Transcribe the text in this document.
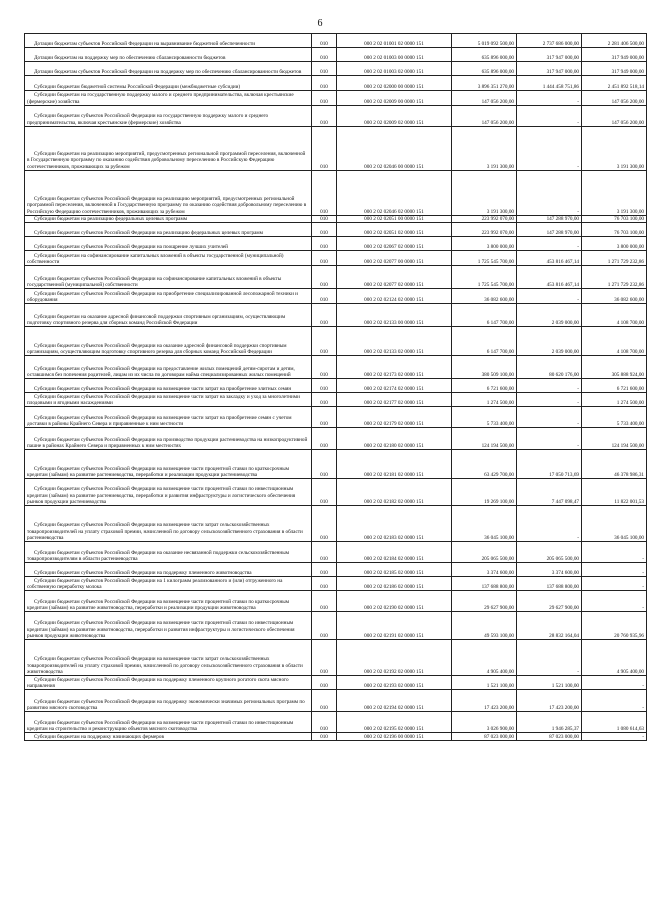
6
Дотации бюджетам субъектов Российской Федерации на выравнивание бюджетной обеспеченности	010	000 2 02 01001 02 0000 151	5 019 092 500,00	2 737 686 000,00	2 281 406 500,00
Дотации бюджетам на поддержку мер по обеспечению сбалансированности бюджетов	010	000 2 02 01003 00 0000 151	635 896 000,00	317 947 000,00	317 949 000,00
Дотации бюджетам субъектов Российской Федерации на поддержку мер по обеспечению сбалансированности бюджетов	010	000 2 02 01003 02 0000 151	635 896 000,00	317 947 000,00	317 949 000,00
Субсидии бюджетам бюджетной системы Российской Федерации (межбюджетные субсидии)	010	000 2 02 02000 00 0000 151	3 896 351 270,00	1 444 458 751,86	2 451 892 518,14
Субсидии бюджетам на государственную поддержку малого и среднего предпринимательства, включая крестьянские (фермерские) хозяйства	010	000 2 02 02009 00 0000 151	147 056 200,00	-	147 056 200,00
Субсидии бюджетам субъектов Российской Федерации на государственную поддержку малого и среднего предпринимательства, включая крестьянские (фермерские) хозяйства	010	000 2 02 02009 02 0000 151	147 056 200,00	-	147 056 200,00
Субсидии бюджетам на реализацию мероприятий, предусмотренных региональной программой переселения, включенной в Государственную программу по оказанию содействия добровольному переселению в Российскую Федерацию соотечественников, проживающих за рубежом	010	000 2 02 02046 00 0000 151	3 191 300,00	-	3 191 300,00
Субсидии бюджетам субъектов Российской Федерации на реализацию мероприятий, предусмотренных региональной программой переселения, включенной в Государственную программу по оказанию содействия добровольному переселению в Российскую Федерацию соотечественников, проживающих за рубежом	010	000 2 02 02046 02 0000 151	3 191 300,00	-	3 191 300,00
Субсидии бюджетам на реализацию федеральных целевых программ	010	000 2 02 02051 00 0000 151	223 992 070,00	147 288 970,00	76 703 100,00
Субсидии бюджетам субъектов Российской Федерации на реализацию федеральных целевых программ	010	000 2 02 02051 02 0000 151	223 992 070,00	147 288 970,00	76 703 100,00
Субсидии бюджетам субъектов Российской Федерации на поощрение лучших учителей	010	000 2 02 02067 02 0000 151	3 800 000,00	-	3 800 000,00
Субсидии бюджетам на софинансирование капитальных вложений в объекты государственной (муниципальной) собственности	010	000 2 02 02077 00 0000 151	1 725 545 700,00	453 816 467,14	1 271 729 232,86
Субсидии бюджетам субъектов Российской Федерации на софинансирование капитальных вложений в объекты государственной (муниципальной) собственности	010	000 2 02 02077 02 0000 151	1 725 545 700,00	453 816 467,14	1 271 729 232,86
Субсидии бюджетам субъектов Российской Федерации на приобретение специализированной лесопожарной техники и оборудования	010	000 2 02 02124 02 0000 151	36 082 600,00	-	36 082 600,00
Субсидии бюджетам на оказание адресной финансовой поддержки спортивным организациям, осуществляющим подготовку спортивного резерва для сборных команд Российской Федерации	010	000 2 02 02133 00 0000 151	6 147 700,00	2 039 000,00	4 108 700,00
Субсидии бюджетам субъектов Российской Федерации на оказание адресной финансовой поддержки спортивным организациям, осуществляющим подготовку спортивного резерва для сборных команд Российской Федерации	010	000 2 02 02133 02 0000 151	6 147 700,00	2 039 000,00	4 108 700,00
Субсидии бюджетам субъектов Российской Федерации на предоставление жилых помещений детям-сиротам и детям, оставшимся без попечения родителей, лицам из их числа по договорам найма специализированных жилых помещений	010	000 2 02 02173 02 0000 151	380 509 100,00	80 620 176,00	305 888 924,00
Субсидии бюджетам субъектов Российской Федерации на возмещение части затрат на приобретение элитных семян	010	000 2 02 02174 02 0000 151	6 721 600,00	-	6 721 600,00
Субсидии бюджетам субъектов Российской Федерации на возмещение части затрат на закладку и уход за многолетними плодовыми и ягодными насаждениями	010	000 2 02 02177 02 0000 151	1 274 500,00	-	1 274 500,00
Субсидии бюджетам субъектов Российской Федерации на возмещение части затрат на приобретение семян с учетом доставки в районы Крайнего Севера и приравненные к ним местности	010	000 2 02 02179 02 0000 151	5 733 400,00	-	5 733 400,00
Субсидии бюджетам субъектов Российской Федерации на производство продукции растениеводства на низкопродуктивной пашне в районах Крайнего Севера и приравненных к ним местностях	010	000 2 02 02180 02 0000 151	124 194 500,00	-	124 194 500,00
Субсидии бюджетам субъектов Российской Федерации на возмещение части процентной ставки по краткосрочным кредитам (займам) на развитие растениеводства, переработки и реализации продукции растениеводства	010	000 2 02 02181 02 0000 151	63 429 700,00	17 050 713,69	46 378 986,31
Субсидии бюджетам субъектов Российской Федерации на возмещение части процентной ставки по инвестиционным кредитам (займам) на развитие растениеводства, переработки и развития инфраструктуры и логистического обеспечения рынков продукции растениеводства	010	000 2 02 02182 02 0000 151	19 269 100,00	7 447 098,47	11 822 001,53
Субсидии бюджетам субъектов Российской Федерации на возмещение части затрат сельскохозяйственных товаропроизводителей на уплату страховой премии, начисленной по договору сельскохозяйственного страхования в области растениеводства	010	000 2 02 02183 02 0000 151	36 045 100,00	-	36 045 100,00
Субсидии бюджетам субъектов Российской Федерации на оказание несвязанной поддержки сельскохозяйственным товаропроизводителям в области растениеводства	010	000 2 02 02184 02 0000 151	205 065 500,00	205 065 500,00	-
Субсидии бюджетам субъектов Российской Федерации на поддержку племенного животноводства	010	000 2 02 02185 02 0000 151	3 374 600,00	3 374 600,00	-
Субсидии бюджетам субъектов Российской Федерации на 1 килограмм реализованного и (или) отгруженного на собственную переработку молока	010	000 2 02 02186 02 0000 151	137 688 800,00	137 688 800,00	-
Субсидии бюджетам субъектов Российской Федерации на возмещение части процентной ставки по краткосрочным кредитам (займам) на развитие животноводства, переработки и реализации продукции животноводства	010	000 2 02 02190 02 0000 151	29 627 900,00	29 627 900,00	-
Субсидии бюджетам субъектов Российской Федерации на возмещение части процентной ставки по инвестиционным кредитам (займам) на развитие животноводства, переработки и развития инфраструктуры и логистического обеспечения рынков продукции животноводства	010	000 2 02 02191 02 0000 151	49 593 100,00	28 832 164,04	20 760 935,96
Субсидии бюджетам субъектов Российской Федерации на возмещение части затрат сельскохозяйственных товаропроизводителей на уплату страховой премии, начисленной по договору сельскохозяйственного страхования в области животноводства	010	000 2 02 02192 02 0000 151	4 905 400,00	-	4 905 400,00
Субсидии бюджетам субъектов Российской Федерации на поддержку племенного крупного рогатого скота мясного направления	010	000 2 02 02193 02 0000 151	1 521 100,00	1 521 100,00	-
Субсидии бюджетам субъектов Российской Федерации на поддержку экономически значимых региональных программ по развитию мясного скотоводства	010	000 2 02 02194 02 0000 151	17 423 200,00	17 423 200,00	-
Субсидии бюджетам субъектов Российской Федерации на возмещение части процентной ставки по инвестиционным кредитам на строительство и реконструкцию объектов мясного скотоводства	010	000 2 02 02195 02 0000 151	3 026 900,00	1 946 285,37	1 080 614,63
Субсидии бюджетам на поддержку начинающих фермеров	010	000 2 02 02196 00 0000 151	87 023 000,00	87 023 000,00	-
